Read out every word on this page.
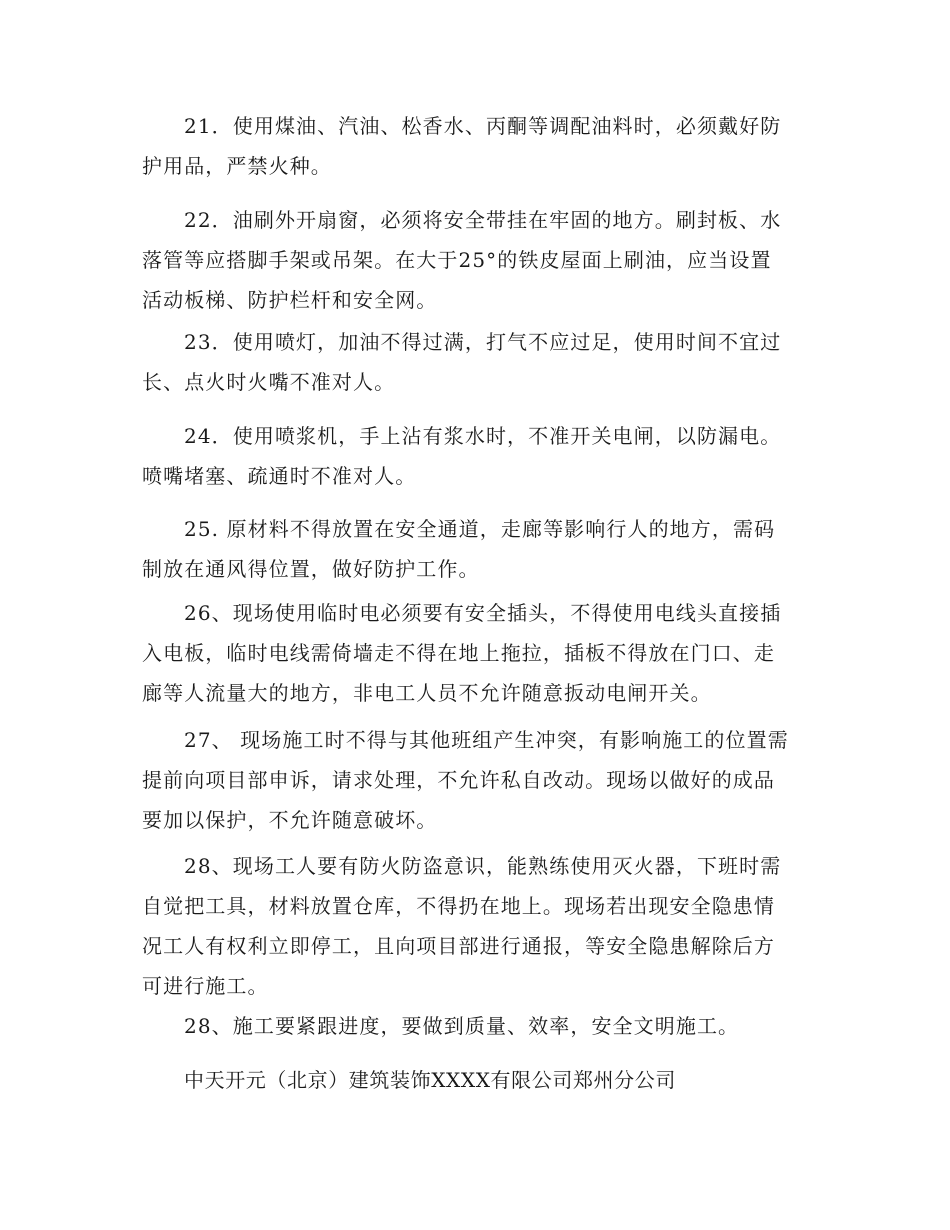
21．使用煤油、汽油、松香水、丙酮等调配油料时，必须戴好防
护用品，严禁火种。

22．油刷外开扇窗，必须将安全带挂在牢固的地方。刷封板、水
落管等应搭脚手架或吊架。在大于25°的铁皮屋面上刷油，应当设置
活动板梯、防护栏杆和安全网。

23．使用喷灯，加油不得过满，打气不应过足，使用时间不宜过
长、点火时火嘴不准对人。

24．使用喷浆机，手上沾有浆水时，不准开关电闸，以防漏电。
喷嘴堵塞、疏通时不准对人。

25. 原材料不得放置在安全通道，走廊等影响行人的地方，需码
制放在通风得位置，做好防护工作。

26、现场使用临时电必须要有安全插头，不得使用电线头直接插
入电板，临时电线需倚墙走不得在地上拖拉，插板不得放在门口、走
廊等人流量大的地方，非电工人员不允许随意扳动电闸开关。

27、 现场施工时不得与其他班组产生冲突，有影响施工的位置需
提前向项目部申诉，请求处理，不允许私自改动。现场以做好的成品
要加以保护，不允许随意破坏。

28、现场工人要有防火防盗意识，能熟练使用灭火器，下班时需
自觉把工具，材料放置仓库，不得扔在地上。现场若出现安全隐患情
况工人有权利立即停工，且向项目部进行通报，等安全隐患解除后方
可进行施工。

28、施工要紧跟进度，要做到质量、效率，安全文明施工。

中天开元（北京）建筑装饰XXXX有限公司郑州分公司
